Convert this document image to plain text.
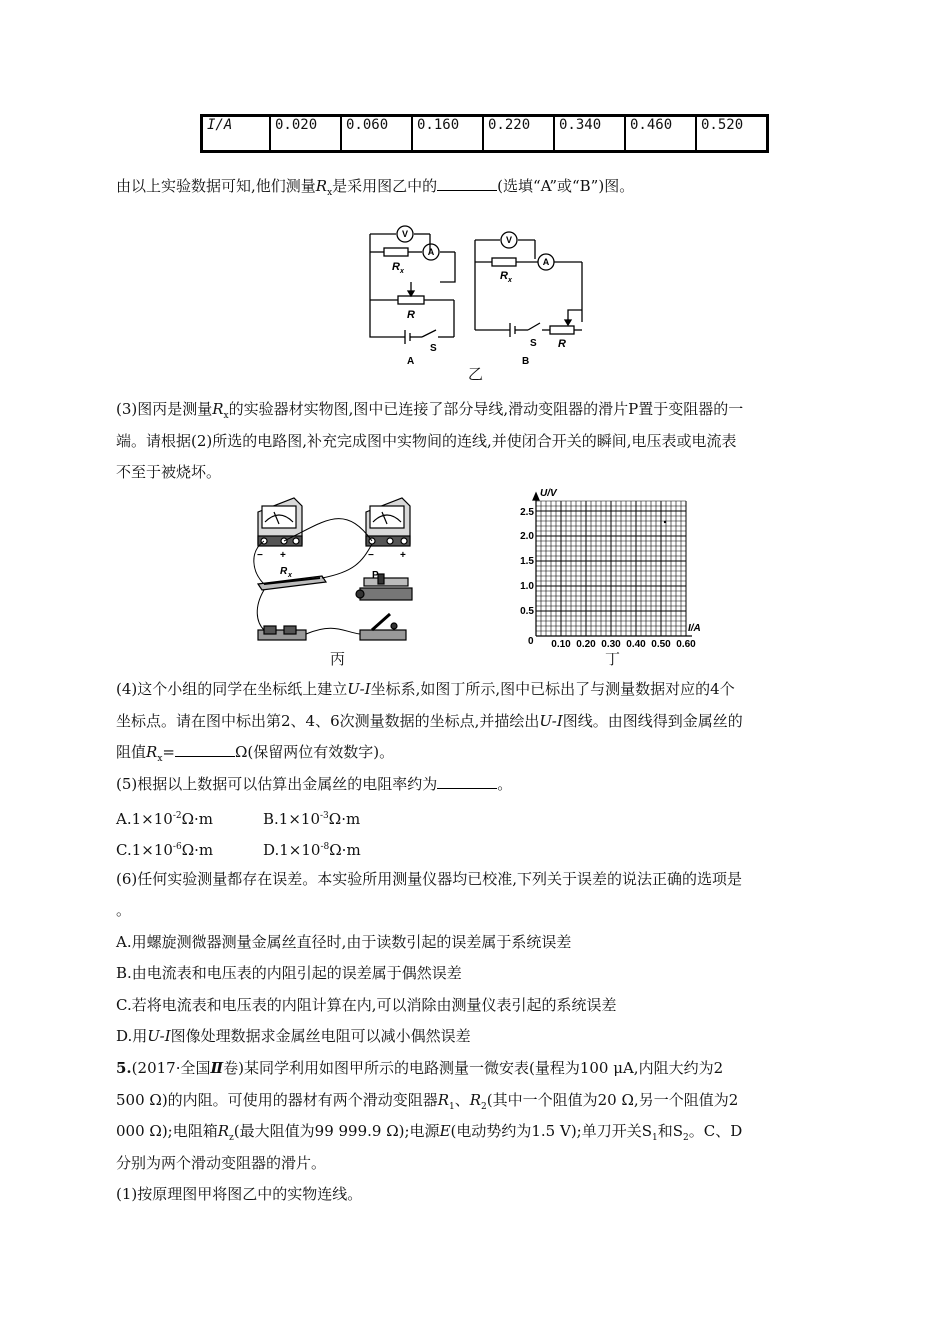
I/A	0.020	0.060	0.160	0.220	0.340	0.460	0.520
由以上实验数据可知,他们测量$R_x$是采用图乙中的	(选填“A”或“B”)图。
V
A
V
A
R x
R
R x
R
S	S
A	B
乙
(3)图丙是测量$R_x$的实验器材实物图,图中已连接了部分导线,滑动变阻器的滑片P置于变阻器的一
端。请根据(2)所选的电路图,补充完成图中实物间的连线,并使闭合开关的瞬间,电压表或电流表
不至于被烧坏。
− +
R x
−	+
P
丙
U/V
I/A
0
0.5
1.0
1.5
2.0
2.5
0.10 0.20 0.30 0.40 0.50 0.60
丁
(4)这个小组的同学在坐标纸上建立U-I坐标系,如图丁所示,图中已标出了与测量数据对应的4个
坐标点。请在图中标出第2、4、6次测量数据的坐标点,并描绘出U-I图线。由图线得到金属丝的
阻值$R_x=$	Ω(保留两位有效数字)。
(5)根据以上数据可以估算出金属丝的电阻率约为	。
$A.1\times 10^{-2}\Omega\cdot m$	$B.1\times 10^{-3}\Omega\cdot m$
$C.1\times 10^{-6}\Omega\cdot m$	$D.1\times 10^{-8}\Omega\cdot m$
(6)任何实验测量都存在误差。本实验所用测量仪器均已校准,下列关于误差的说法正确的选项是
。
A.用螺旋测微器测量金属丝直径时,由于读数引起的误差属于系统误差
B.由电流表和电压表的内阻引起的误差属于偶然误差
C.若将电流表和电压表的内阻计算在内,可以消除由测量仪表引起的系统误差
D.用U-I图像处理数据求金属丝电阻可以减小偶然误差
5.(2017·全国Ⅱ卷)某同学利用如图甲所示的电路测量一微安表(量程为100 μA,内阻大约为2
500 Ω)的内阻。可使用的器材有两个滑动变阻器$R_1$、$R_2$(其中一个阻值为20 Ω,另一个阻值为2
000 Ω);电阻箱$R_z$(最大阻值为99 999.9 Ω);电源E(电动势约为1.5 V);单刀开关$S_1$和$S_2$。C、D
分别为两个滑动变阻器的滑片。
(1)按原理图甲将图乙中的实物连线。
